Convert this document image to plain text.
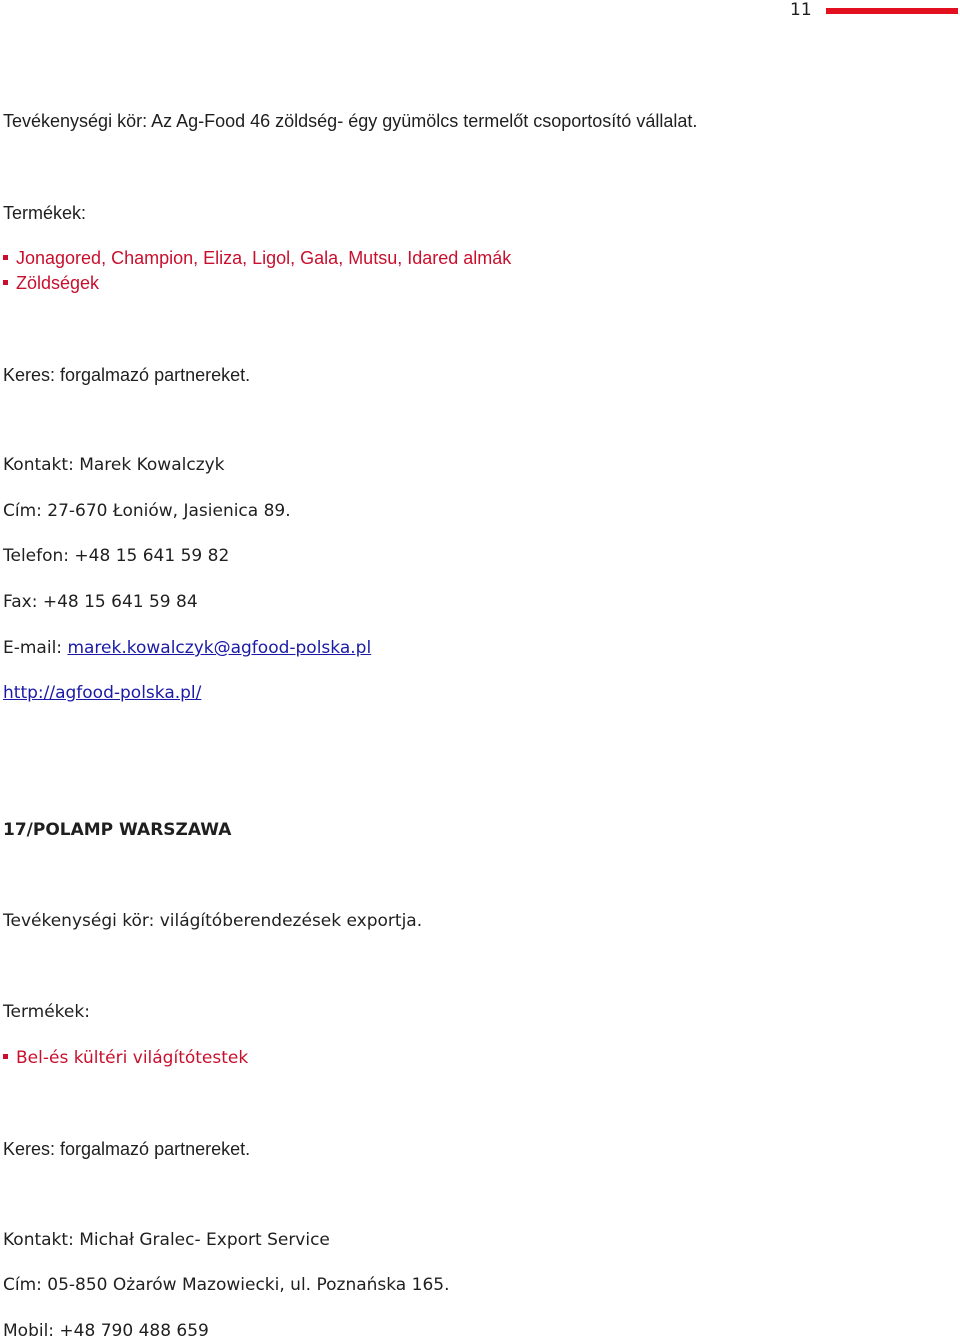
11
Tevékenységi kör: Az Ag-Food 46 zöldség- égy gyümölcs termelőt csoportosító vállalat.
Termékek:
Jonagored, Champion, Eliza, Ligol, Gala, Mutsu, Idared almák
Zöldségek
Keres: forgalmazó partnereket.
Kontakt: Marek Kowalczyk
Cím: 27-670 Łoniów, Jasienica 89.
Telefon: +48 15 641 59 82
Fax: +48 15 641 59 84
E-mail: marek.kowalczyk@agfood-polska.pl
http://agfood-polska.pl/
17/POLAMP WARSZAWA
Tevékenységi kör: világítóberendezések exportja.
Termékek:
Bel-és kültéri világítótestek
Keres: forgalmazó partnereket.
Kontakt: Michał Gralec- Export Service
Cím: 05-850 Ożarów Mazowiecki, ul. Poznańska 165.
Mobil: +48 790 488 659
